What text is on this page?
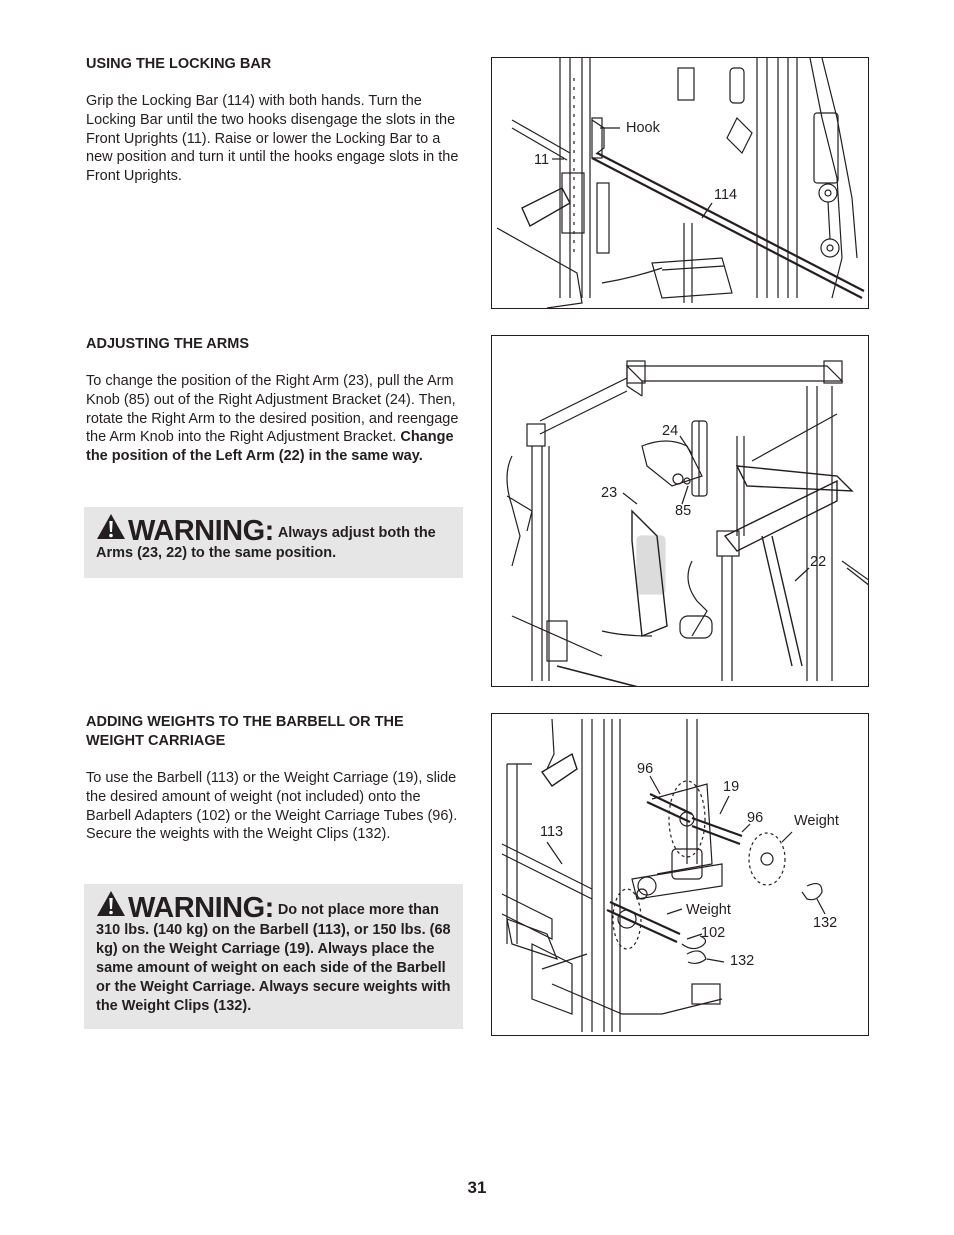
USING THE LOCKING BAR

Grip the Locking Bar (114) with both hands. Turn the Locking Bar until the two hooks disengage the slots in the Front Uprights (11). Raise or lower the Locking Bar to a new position and turn it until the hooks engage slots in the Front Uprights.

Hook
11
114
ADJUSTING THE ARMS

To change the position of the Right Arm (23), pull the Arm Knob (85) out of the Right Adjustment Bracket (24). Then, rotate the Right Arm to the desired position, and reengage the Arm Knob into the Right Adjustment Bracket. Change the position of the Left Arm (22) in the same way.

WARNING: Always adjust both the Arms (23, 22) to the same position.
24
23
85
22
ADDING WEIGHTS TO THE BARBELL OR THE WEIGHT CARRIAGE

To use the Barbell (113) or the Weight Carriage (19), slide the desired amount of weight (not included) onto the Barbell Adapters (102) or the Weight Carriage Tubes (96). Secure the weights with the Weight Clips (132).

WARNING: Do not place more than 310 lbs. (140 kg) on the Barbell (113), or 150 lbs. (68 kg) on the Weight Carriage (19). Always place the same amount of weight on each side of the Barbell or the Weight Carriage. Always secure weights with the Weight Clips (132).
96
19
96 Weight
113
Weight
102
132
132
31
